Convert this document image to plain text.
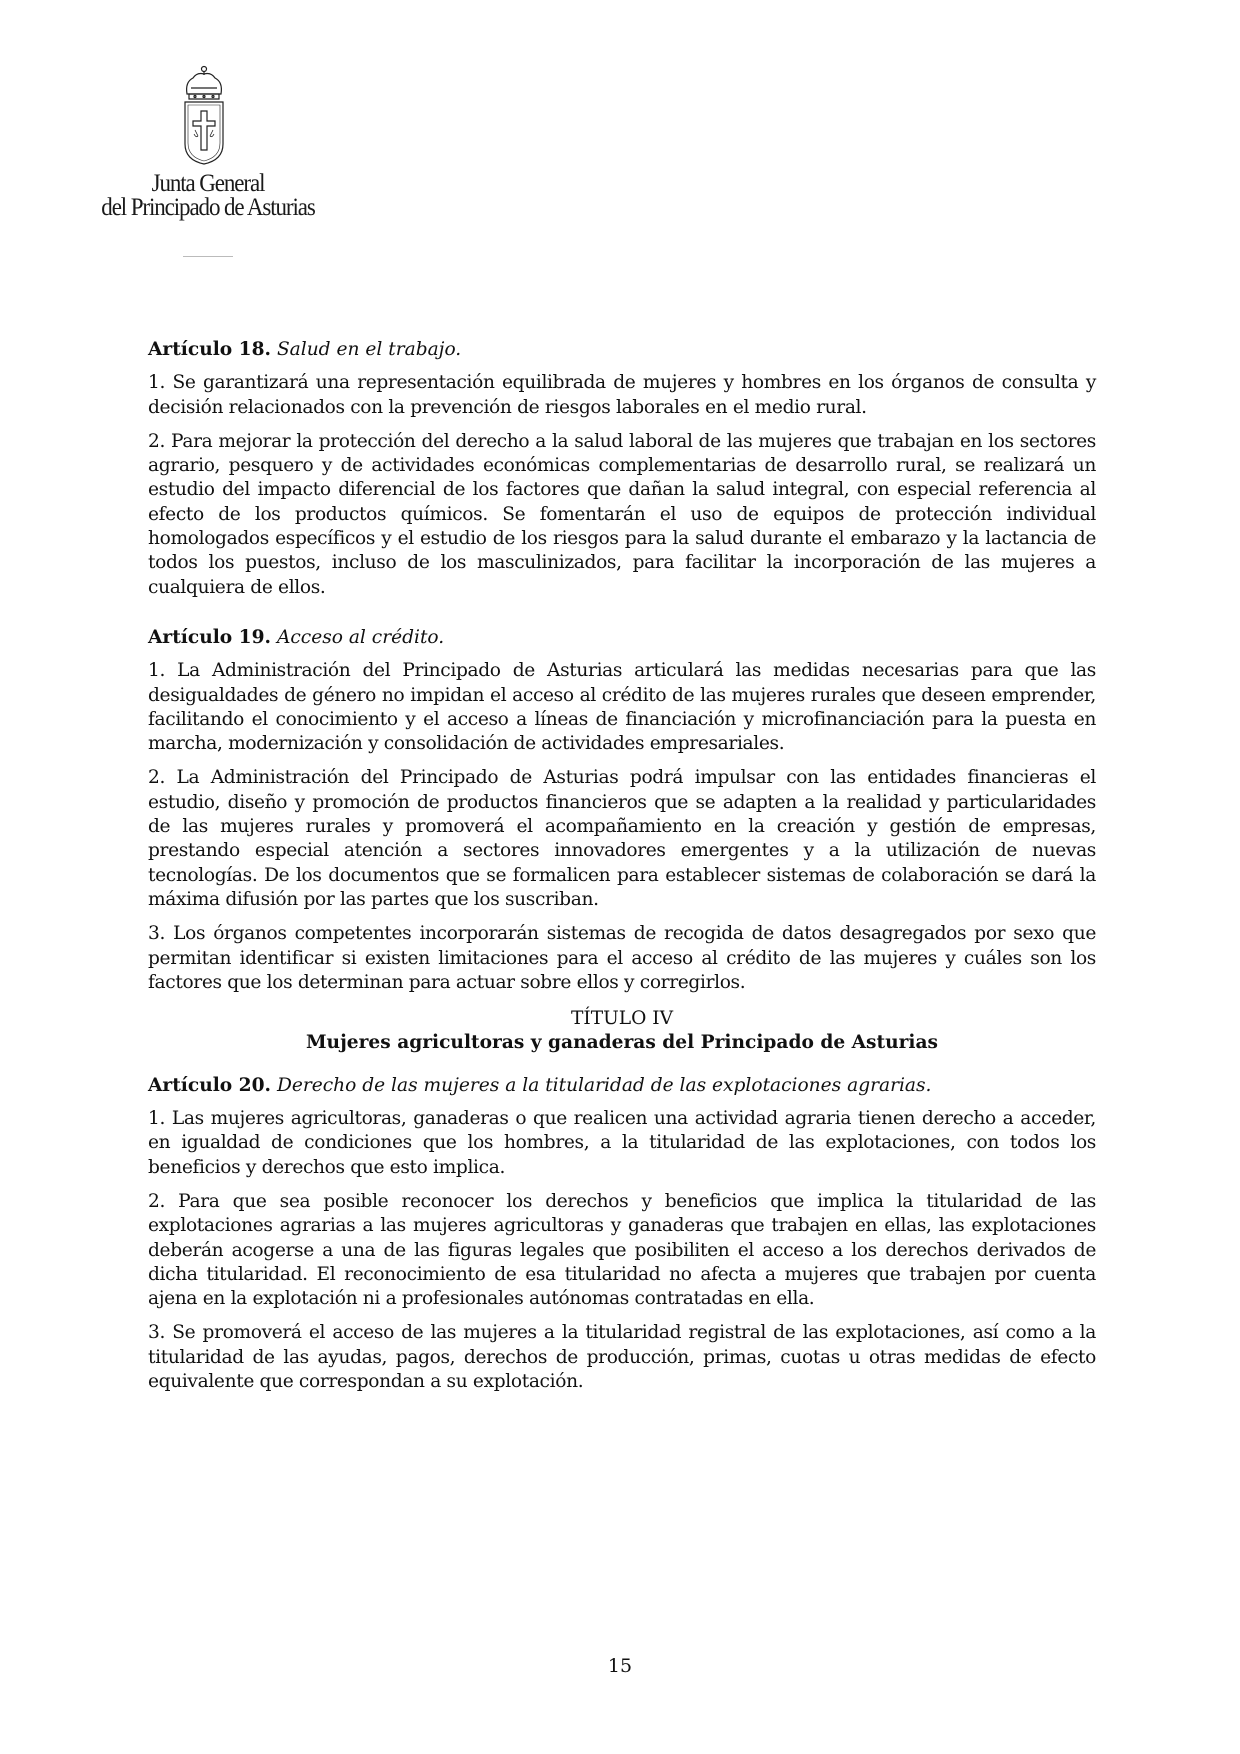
Junta General
del Principado de Asturias
Artículo 18. Salud en el trabajo.

1. Se garantizará una representación equilibrada de mujeres y hombres en los órganos de consulta y decisión relacionados con la prevención de riesgos laborales en el medio rural.

2. Para mejorar la protección del derecho a la salud laboral de las mujeres que trabajan en los sectores agrario, pesquero y de actividades económicas complementarias de desarrollo rural, se realizará un estudio del impacto diferencial de los factores que dañan la salud integral, con especial referencia al efecto de los productos químicos. Se fomentarán el uso de equipos de protección individual homologados específicos y el estudio de los riesgos para la salud durante el embarazo y la lactancia de todos los puestos, incluso de los masculinizados, para facilitar la incorporación de las mujeres a cualquiera de ellos.

Artículo 19. Acceso al crédito.

1. La Administración del Principado de Asturias articulará las medidas necesarias para que las desigualdades de género no impidan el acceso al crédito de las mujeres rurales que deseen emprender, facilitando el conocimiento y el acceso a líneas de financiación y microfinanciación para la puesta en marcha, modernización y consolidación de actividades empresariales.

2. La Administración del Principado de Asturias podrá impulsar con las entidades financieras el estudio, diseño y promoción de productos financieros que se adapten a la realidad y particularidades de las mujeres rurales y promoverá el acompañamiento en la creación y gestión de empresas, prestando especial atención a sectores innovadores emergentes y a la utilización de nuevas tecnologías. De los documentos que se formalicen para establecer sistemas de colaboración se dará la máxima difusión por las partes que los suscriban.

3. Los órganos competentes incorporarán sistemas de recogida de datos desagregados por sexo que permitan identificar si existen limitaciones para el acceso al crédito de las mujeres y cuáles son los factores que los determinan para actuar sobre ellos y corregirlos.

TÍTULO IV
Mujeres agricultoras y ganaderas del Principado de Asturias
Artículo 20. Derecho de las mujeres a la titularidad de las explotaciones agrarias.

1. Las mujeres agricultoras, ganaderas o que realicen una actividad agraria tienen derecho a acceder, en igualdad de condiciones que los hombres, a la titularidad de las explotaciones, con todos los beneficios y derechos que esto implica.

2. Para que sea posible reconocer los derechos y beneficios que implica la titularidad de las explotaciones agrarias a las mujeres agricultoras y ganaderas que trabajen en ellas, las explotaciones deberán acogerse a una de las figuras legales que posibiliten el acceso a los derechos derivados de dicha titularidad. El reconocimiento de esa titularidad no afecta a mujeres que trabajen por cuenta ajena en la explotación ni a profesionales autónomas contratadas en ella.

3. Se promoverá el acceso de las mujeres a la titularidad registral de las explotaciones, así como a la titularidad de las ayudas, pagos, derechos de producción, primas, cuotas u otras medidas de efecto equivalente que correspondan a su explotación.

15
